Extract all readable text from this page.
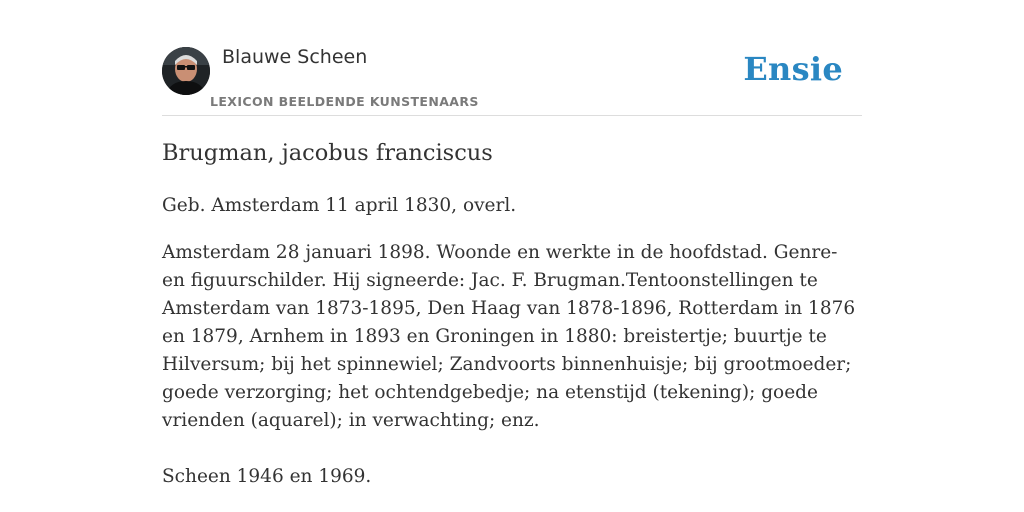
Blauwe Scheen
LEXICON BEELDENDE KUNSTENAARS
Ensie
Brugman, jacobus franciscus

Geb. Amsterdam 11 april 1830, overl.

Amsterdam 28 januari 1898. Woonde en werkte in de hoofdstad. Genre- en figuurschilder. Hij signeerde: Jac. F. Brugman.Tentoonstellingen te Amsterdam van 1873-1895, Den Haag van 1878-1896, Rotterdam in 1876 en 1879, Arnhem in 1893 en Groningen in 1880: breistertje; buurtje te Hilversum; bij het spinnewiel; Zandvoorts binnenhuisje; bij grootmoeder; goede verzorging; het ochtendgebedje; na etenstijd (tekening); goede vrienden (aquarel); in verwachting; enz.

Scheen 1946 en 1969.
